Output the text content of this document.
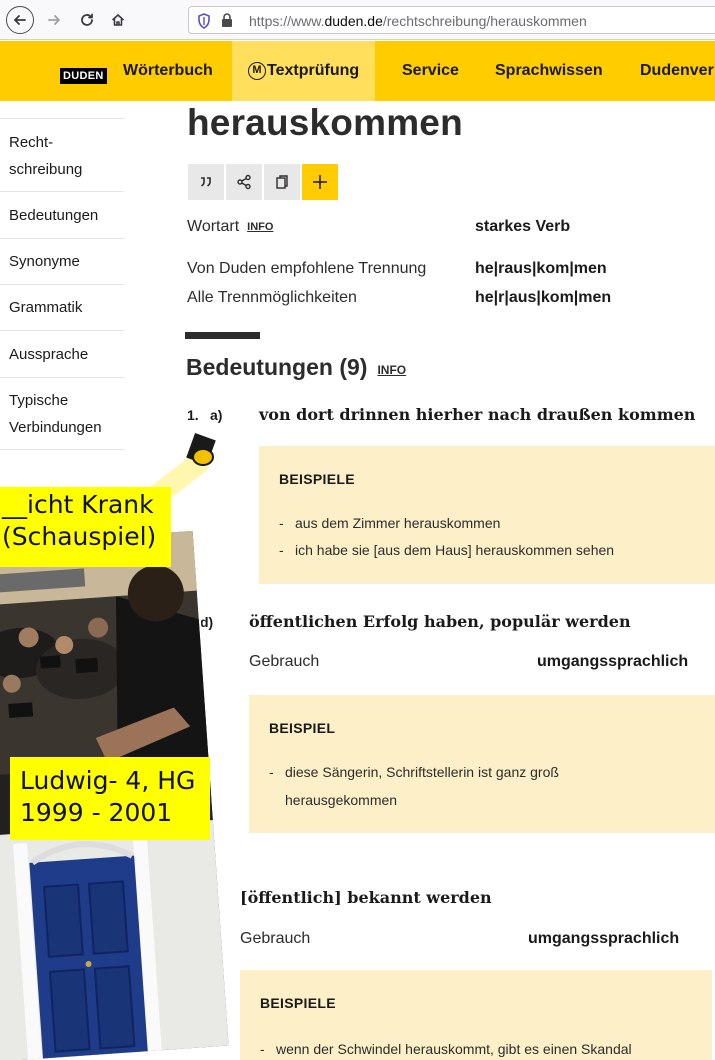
https://www.duden.de/rechtschreibung/herauskommen
DUDEN Wörterbuch	M Textprüfung	Service Sprachwissen Dudenver
Recht-
schreibung
Bedeutungen
Synonyme
Grammatik
Aussprache
Typische
Verbindungen
herauskommen
Wortart INFO	starkes Verb
Von Duden empfohlene Trennung	he|raus|kom|men
Alle Trennmöglichkeiten	he|r|aus|kom|men
Bedeutungen (9) INFO
1. a) von dort drinnen hierher nach draußen kommen
BEISPIELE
- aus dem Zimmer herauskommen
- ich habe sie [aus dem Haus] herauskommen sehen
d) öffentlichen Erfolg haben, populär werden
Gebrauch	umgangssprachlich
BEISPIEL
- diese Sängerin, Schriftstellerin ist ganz groß
herausgekommen
[öffentlich] bekannt werden
Gebrauch	umgangssprachlich
BEISPIELE
- wenn der Schwindel herauskommt, gibt es einen Skandal
__icht Krank
(Schauspiel)
Ludwig- 4, HG
1999 - 2001
